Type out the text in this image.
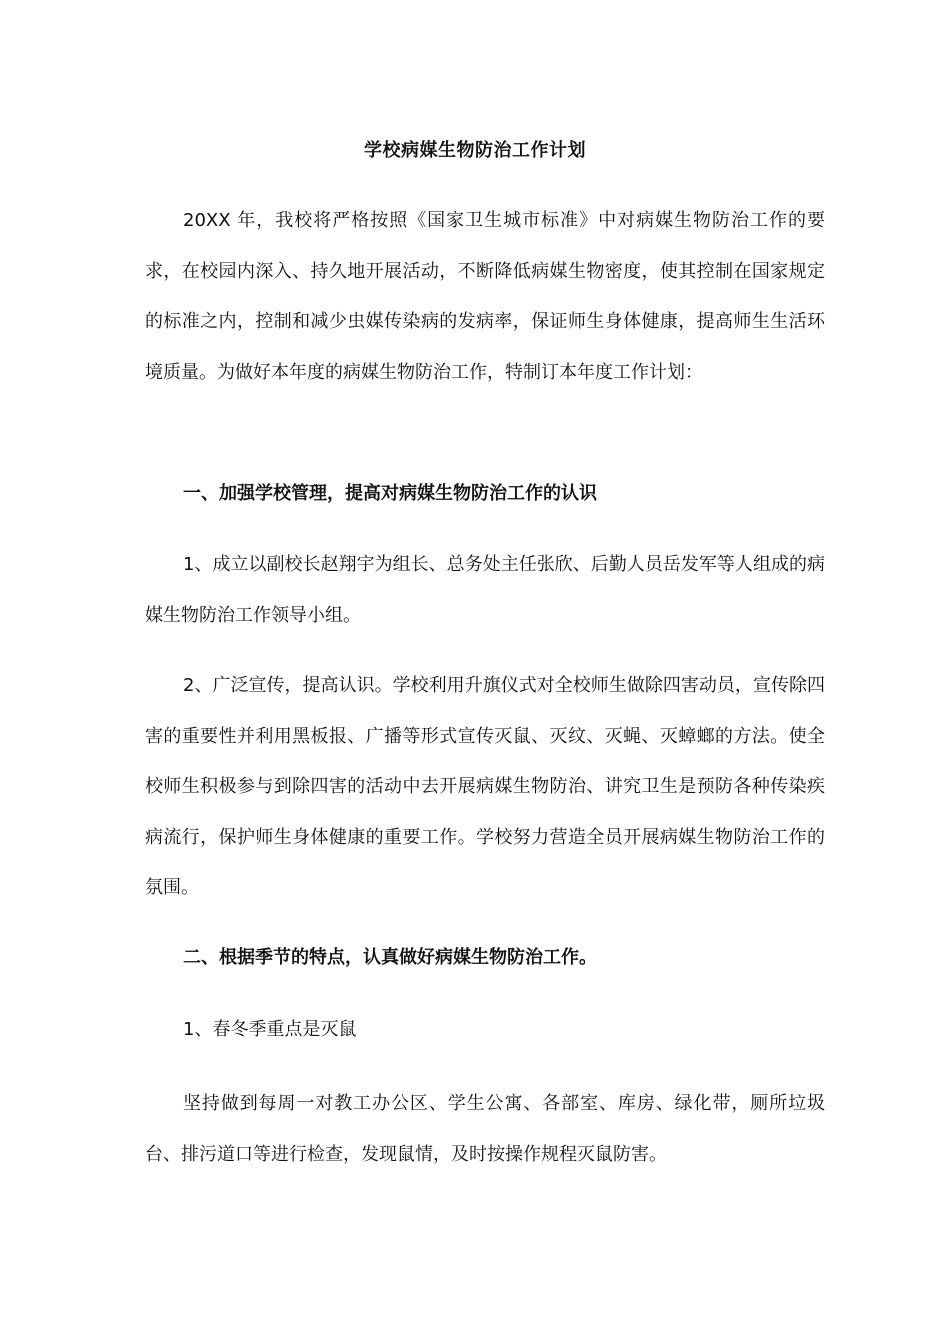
学校病媒生物防治工作计划

20XX 年，我校将严格按照《国家卫生城市标准》中对病媒生物防治工作的要求，在校园内深入、持久地开展活动，不断降低病媒生物密度，使其控制在国家规定的标准之内，控制和减少虫媒传染病的发病率，保证师生身体健康，提高师生生活环境质量。为做好本年度的病媒生物防治工作，特制订本年度工作计划：

一、加强学校管理，提高对病媒生物防治工作的认识

1、成立以副校长赵翔宇为组长、总务处主任张欣、后勤人员岳发军等人组成的病媒生物防治工作领导小组。

2、广泛宣传，提高认识。学校利用升旗仪式对全校师生做除四害动员，宣传除四害的重要性并利用黑板报、广播等形式宣传灭鼠、灭纹、灭蝇、灭蟑螂的方法。使全校师生积极参与到除四害的活动中去开展病媒生物防治、讲究卫生是预防各种传染疾病流行，保护师生身体健康的重要工作。学校努力营造全员开展病媒生物防治工作的氛围。

二、根据季节的特点，认真做好病媒生物防治工作。

1、春冬季重点是灭鼠

坚持做到每周一对教工办公区、学生公寓、各部室、库房、绿化带，厕所垃圾台、排污道口等进行检查，发现鼠情，及时按操作规程灭鼠防害。
